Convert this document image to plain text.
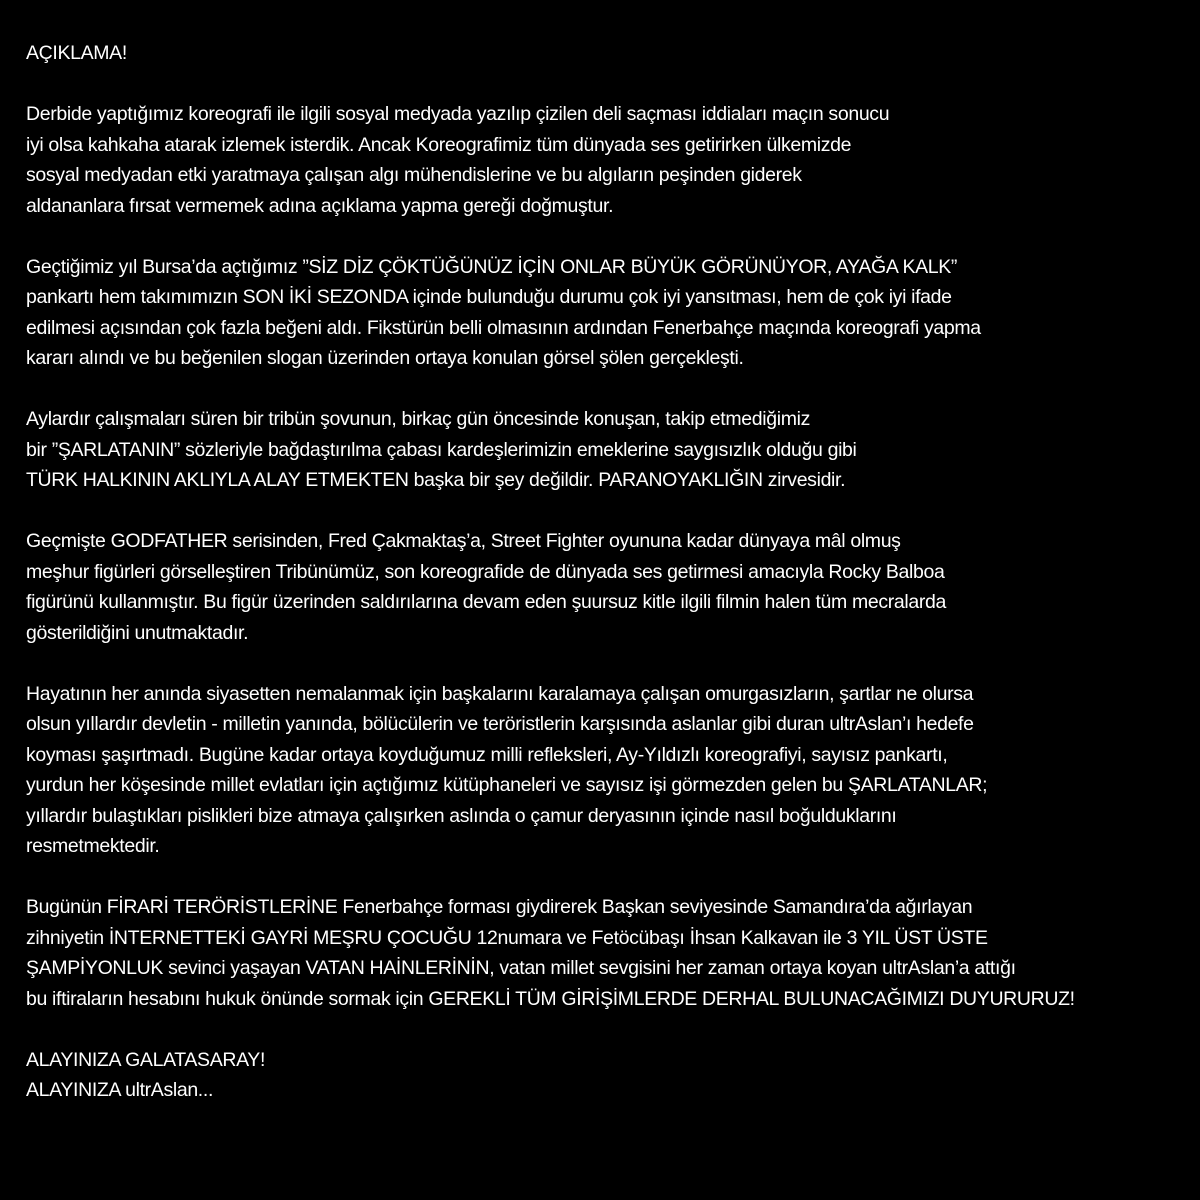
AÇIKLAMA!
Derbide yaptığımız koreografi ile ilgili sosyal medyada yazılıp çizilen deli saçması iddiaları maçın sonucu
iyi olsa kahkaha atarak izlemek isterdik. Ancak Koreografimiz tüm dünyada ses getirirken ülkemizde
sosyal medyadan etki yaratmaya çalışan algı mühendislerine ve bu algıların peşinden giderek
aldananlara fırsat vermemek adına açıklama yapma gereği doğmuştur.
Geçtiğimiz yıl Bursa’da açtığımız ”SİZ DİZ ÇÖKTÜĞÜNÜZ İÇİN ONLAR BÜYÜK GÖRÜNÜYOR, AYAĞA KALK”
pankartı hem takımımızın SON İKİ SEZONDA içinde bulunduğu durumu çok iyi yansıtması, hem de çok iyi ifade
edilmesi açısından çok fazla beğeni aldı. Fikstürün belli olmasının ardından Fenerbahçe maçında koreografi yapma
kararı alındı ve bu beğenilen slogan üzerinden ortaya konulan görsel şölen gerçekleşti.
Aylardır çalışmaları süren bir tribün şovunun, birkaç gün öncesinde konuşan, takip etmediğimiz
bir ”ŞARLATANIN” sözleriyle bağdaştırılma çabası kardeşlerimizin emeklerine saygısızlık olduğu gibi
TÜRK HALKININ AKLIYLA ALAY ETMEKTEN başka bir şey değildir. PARANOYAKLIĞIN zirvesidir.
Geçmişte GODFATHER serisinden, Fred Çakmaktaş’a, Street Fighter oyununa kadar dünyaya mâl olmuş
meşhur figürleri görselleştiren Tribünümüz, son koreografide de dünyada ses getirmesi amacıyla Rocky Balboa
figürünü kullanmıştır. Bu figür üzerinden saldırılarına devam eden şuursuz kitle ilgili filmin halen tüm mecralarda
gösterildiğini unutmaktadır.
Hayatının her anında siyasetten nemalanmak için başkalarını karalamaya çalışan omurgasızların, şartlar ne olursa
olsun yıllardır devletin - milletin yanında, bölücülerin ve teröristlerin karşısında aslanlar gibi duran ultrAslan’ı hedefe
koyması şaşırtmadı. Bugüne kadar ortaya koyduğumuz milli refleksleri, Ay-Yıldızlı koreografiyi, sayısız pankartı,
yurdun her köşesinde millet evlatları için açtığımız kütüphaneleri ve sayısız işi görmezden gelen bu ŞARLATANLAR;
yıllardır bulaştıkları pislikleri bize atmaya çalışırken aslında o çamur deryasının içinde nasıl boğulduklarını
resmetmektedir.
Bugünün FİRARİ TERÖRİSTLERİNE Fenerbahçe forması giydirerek Başkan seviyesinde Samandıra’da ağırlayan
zihniyetin İNTERNETTEKİ GAYRİ MEŞRU ÇOCUĞU 12numara ve Fetöcübaşı İhsan Kalkavan ile 3 YIL ÜST ÜSTE
ŞAMPİYONLUK sevinci yaşayan VATAN HAİNLERİNİN, vatan millet sevgisini her zaman ortaya koyan ultrAslan’a attığı
bu iftiraların hesabını hukuk önünde sormak için GEREKLİ TÜM GİRİŞİMLERDE DERHAL BULUNACAĞIMIZI DUYURURUZ!
ALAYINIZA GALATASARAY!
ALAYINIZA ultrAslan...
